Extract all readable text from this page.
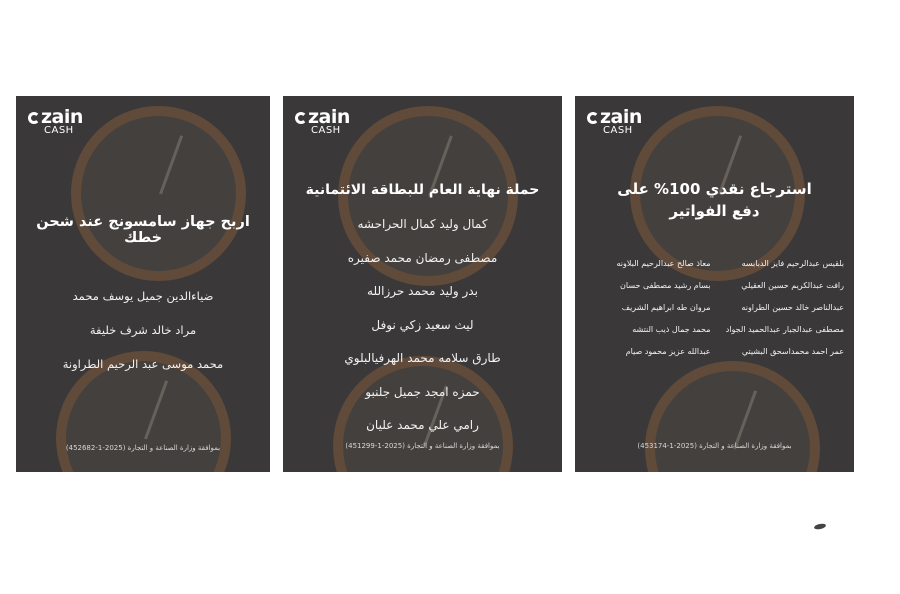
zain
CASH
اربح جهاز سامسونج عند شحن خطك
ضياءالدين جميل يوسف محمد
مراد خالد شرف خليفة
محمد موسى عبد الرحيم الطراونة
بموافقة وزارة الصناعة و التجارة (2025-1-452682)
zain
CASH
حملة نهاية العام للبطاقة الائتمانية
كمال وليد كمال الحراحشه
مصطفى رمضان محمد صفيره
بدر وليد محمد حرزالله
ليث سعيد زكي نوفل
طارق سلامه محمد الهرفيالبلوي
حمزه امجد جميل جلنبو
رامي علي محمد عليان
بموافقة وزارة الصناعة و التجارة (2025-1-451299)
zain
CASH
استرجاع نقدي 100% على
دفع الفواتير
بلقيس عبدالرحيم فايز الدبابسه
معاذ صالح عبدالرحيم البلاونه
رافت عبدالكريم حسين العقيلي
بسام رشيد مصطفى حسان
عبدالناصر خالد حسين الطراونه
مروان طه ابراهيم الشريف
مصطفى عبدالجبار عبدالحميد الجواد
محمد جمال ذيب النتشه
عمر احمد محمداسحق البشيتي
عبدالله عزيز محمود صيام
بموافقة وزارة الصناعة و التجارة (2025-1-453174)
